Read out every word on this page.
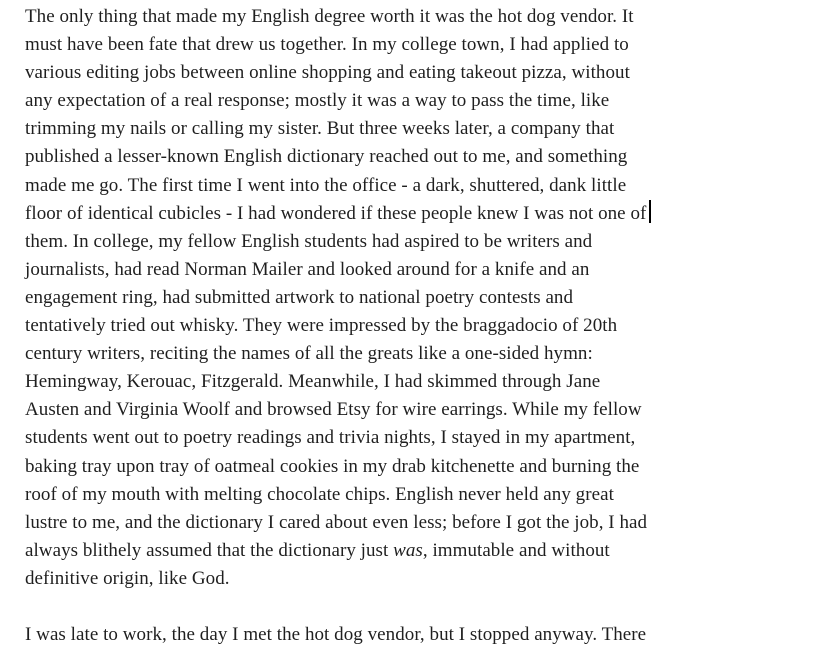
The only thing that made my English degree worth it was the hot dog vendor. It
must have been fate that drew us together. In my college town, I had applied to
various editing jobs between online shopping and eating takeout pizza, without
any expectation of a real response; mostly it was a way to pass the time, like
trimming my nails or calling my sister. But three weeks later, a company that
published a lesser-known English dictionary reached out to me, and something
made me go. The first time I went into the office - a dark, shuttered, dank little
floor of identical cubicles - I had wondered if these people knew I was not one of
them. In college, my fellow English students had aspired to be writers and
journalists, had read Norman Mailer and looked around for a knife and an
engagement ring, had submitted artwork to national poetry contests and
tentatively tried out whisky. They were impressed by the braggadocio of 20th
century writers, reciting the names of all the greats like a one-sided hymn:
Hemingway, Kerouac, Fitzgerald. Meanwhile, I had skimmed through Jane
Austen and Virginia Woolf and browsed Etsy for wire earrings. While my fellow
students went out to poetry readings and trivia nights, I stayed in my apartment,
baking tray upon tray of oatmeal cookies in my drab kitchenette and burning the
roof of my mouth with melting chocolate chips. English never held any great
lustre to me, and the dictionary I cared about even less; before I got the job, I had
always blithely assumed that the dictionary just was, immutable and without
definitive origin, like God.
I was late to work, the day I met the hot dog vendor, but I stopped anyway. There
